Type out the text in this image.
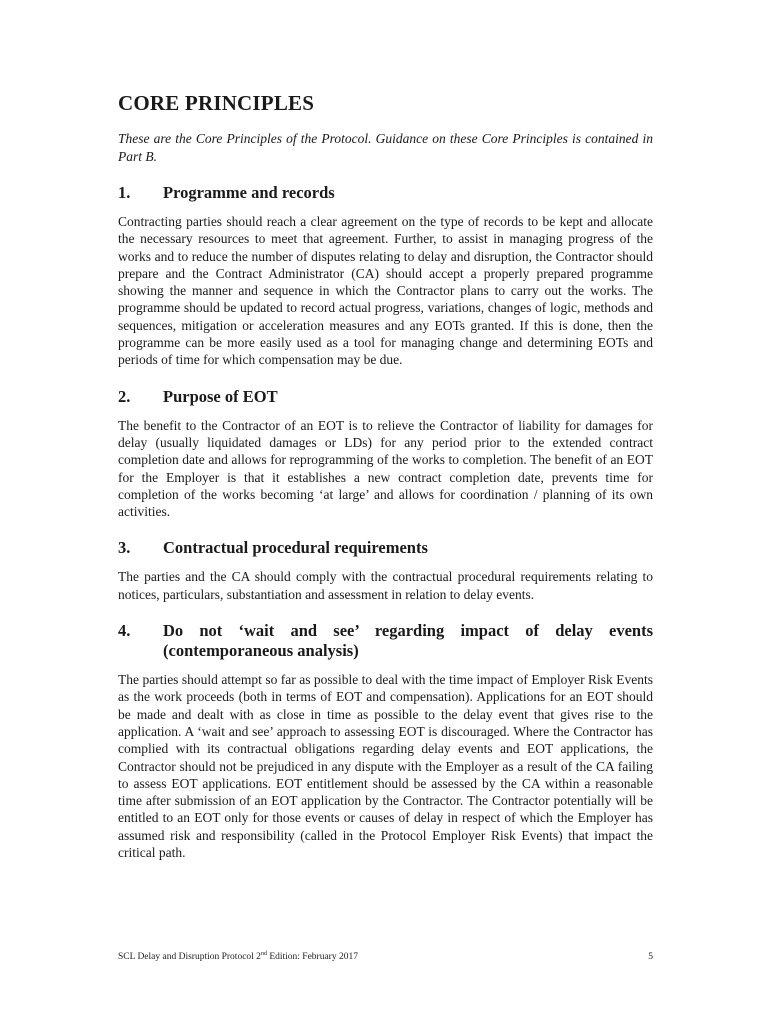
CORE PRINCIPLES

These are the Core Principles of the Protocol. Guidance on these Core Principles is contained in Part B.

1.	Programme and records

Contracting parties should reach a clear agreement on the type of records to be kept and allocate the necessary resources to meet that agreement. Further, to assist in managing progress of the works and to reduce the number of disputes relating to delay and disruption, the Contractor should prepare and the Contract Administrator (CA) should accept a properly prepared programme showing the manner and sequence in which the Contractor plans to carry out the works. The programme should be updated to record actual progress, variations, changes of logic, methods and sequences, mitigation or acceleration measures and any EOTs granted. If this is done, then the programme can be more easily used as a tool for managing change and determining EOTs and periods of time for which compensation may be due.

2.	Purpose of EOT

The benefit to the Contractor of an EOT is to relieve the Contractor of liability for damages for delay (usually liquidated damages or LDs) for any period prior to the extended contract completion date and allows for reprogramming of the works to completion. The benefit of an EOT for the Employer is that it establishes a new contract completion date, prevents time for completion of the works becoming ‘at large’ and allows for coordination / planning of its own activities.

3.	Contractual procedural requirements

The parties and the CA should comply with the contractual procedural requirements relating to notices, particulars, substantiation and assessment in relation to delay events.

4.	Do not ‘wait and see’ regarding impact of delay events (contemporaneous analysis)

The parties should attempt so far as possible to deal with the time impact of Employer Risk Events as the work proceeds (both in terms of EOT and compensation). Applications for an EOT should be made and dealt with as close in time as possible to the delay event that gives rise to the application. A ‘wait and see’ approach to assessing EOT is discouraged. Where the Contractor has complied with its contractual obligations regarding delay events and EOT applications, the Contractor should not be prejudiced in any dispute with the Employer as a result of the CA failing to assess EOT applications. EOT entitlement should be assessed by the CA within a reasonable time after submission of an EOT application by the Contractor. The Contractor potentially will be entitled to an EOT only for those events or causes of delay in respect of which the Employer has assumed risk and responsibility (called in the Protocol Employer Risk Events) that impact the critical path.

SCL Delay and Disruption Protocol 2nd Edition: February 2017	5
